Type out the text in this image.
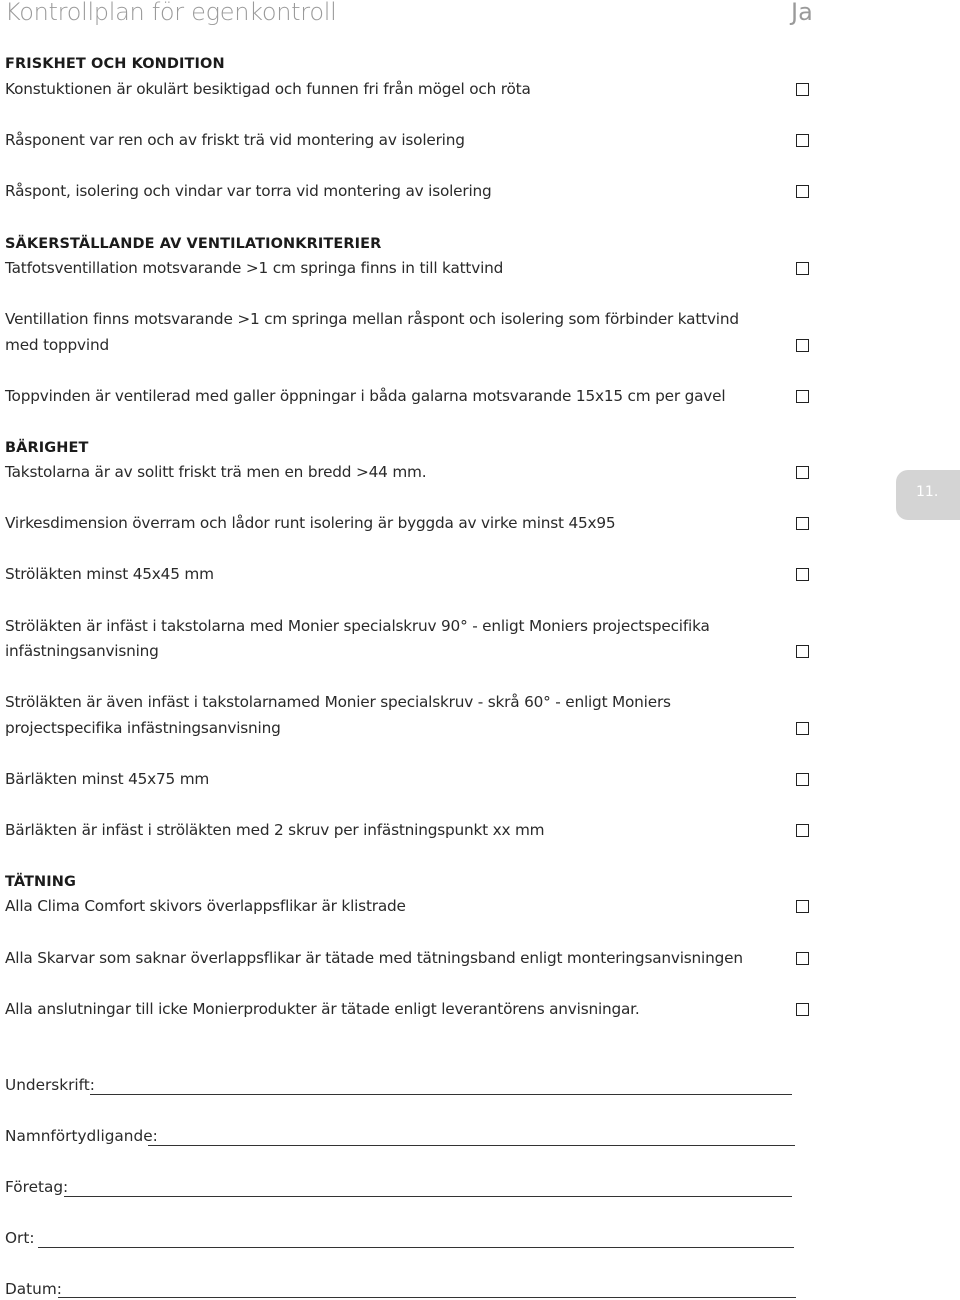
Kontrollplan för egenkontroll	Ja
FRISKHET OCH KONDITION
Konstuktionen är okulärt besiktigad och funnen fri från mögel och röta
Råsponent var ren och av friskt trä vid montering av isolering
Råspont, isolering och vindar var torra vid montering av isolering
SÄKERSTÄLLANDE AV VENTILATIONKRITERIER
Tatfotsventillation motsvarande >1 cm springa finns in till kattvind
Ventillation finns motsvarande >1 cm springa mellan råspont och isolering som förbinder kattvind
med toppvind
Toppvinden är ventilerad med galler öppningar i båda galarna motsvarande 15x15 cm per gavel
BÄRIGHET
Takstolarna är av solitt friskt trä men en bredd >44 mm.
Virkesdimension överram och lådor runt isolering är byggda av virke minst 45x95
Ströläkten minst 45x45 mm
Ströläkten är infäst i takstolarna med Monier specialskruv 90° - enligt Moniers projectspecifika
infästningsanvisning
Ströläkten är även infäst i takstolarnamed Monier specialskruv - skrå 60° - enligt Moniers
projectspecifika infästningsanvisning
Bärläkten minst 45x75 mm
Bärläkten är infäst i ströläkten med 2 skruv per infästningspunkt xx mm
TÄTNING
Alla Clima Comfort skivors överlappsflikar är klistrade
Alla Skarvar som saknar överlappsflikar är tätade med tätningsband enligt monteringsanvisningen
Alla anslutningar till icke Monierprodukter är tätade enligt leverantörens anvisningar.
11.
Underskrift:
Namnförtydligande:
Företag:
Ort:
Datum:
